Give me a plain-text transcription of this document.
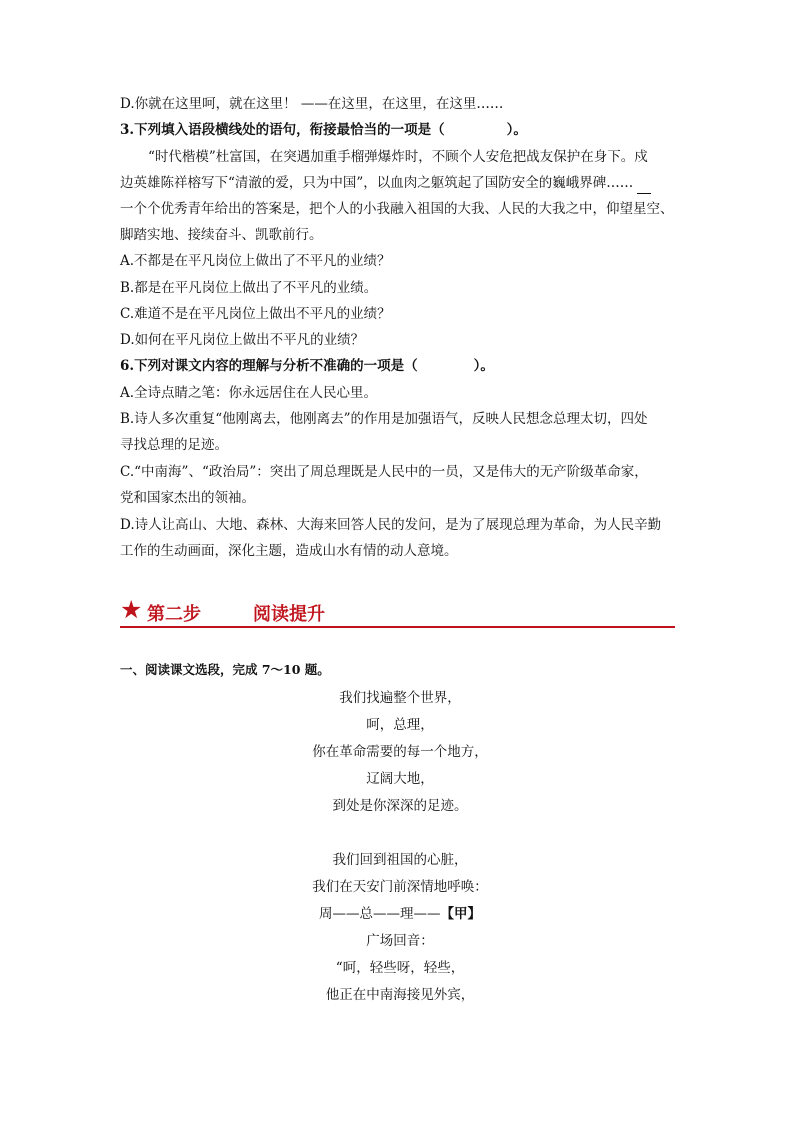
D.你就在这里呵，就在这里！ ——在这里，在这里，在这里……
3.下列填入语段横线处的语句，衔接最恰当的一项是（	）。
“时代楷模”杜富国，在突遇加重手榴弹爆炸时，不顾个人安危把战友保护在身下。戍
边英雄陈祥榕写下“清澈的爱，只为中国”，以血肉之躯筑起了国防安全的巍峨界碑……
一个个优秀青年给出的答案是，把个人的小我融入祖国的大我、人民的大我之中，仰望星空、
脚踏实地、接续奋斗、凯歌前行。
A.不都是在平凡岗位上做出了不平凡的业绩？
B.都是在平凡岗位上做出了不平凡的业绩。
C.难道不是在平凡岗位上做出不平凡的业绩？
D.如何在平凡岗位上做出不平凡的业绩？
6.下列对课文内容的理解与分析不准确的一项是（	）。
A.全诗点睛之笔：你永远居住在人民心里。
B.诗人多次重复“他刚离去，他刚离去”的作用是加强语气，反映人民想念总理太切，四处
寻找总理的足迹。
C.“中南海”、“政治局”：突出了周总理既是人民中的一员，又是伟大的无产阶级革命家，
党和国家杰出的领袖。
D.诗人让高山、大地、森林、大海来回答人民的发问，是为了展现总理为革命，为人民辛勤
工作的生动画面，深化主题，造成山水有情的动人意境。
★ 第二步	阅读提升
一、阅读课文选段，完成 7～10 题。
我们找遍整个世界，
呵，总理，
你在革命需要的每一个地方，
辽阔大地，
到处是你深深的足迹。
我们回到祖国的心脏，
我们在天安门前深情地呼唤：
周——总——理——【甲】
广场回音：
“呵，轻些呀，轻些，
他正在中南海接见外宾，
